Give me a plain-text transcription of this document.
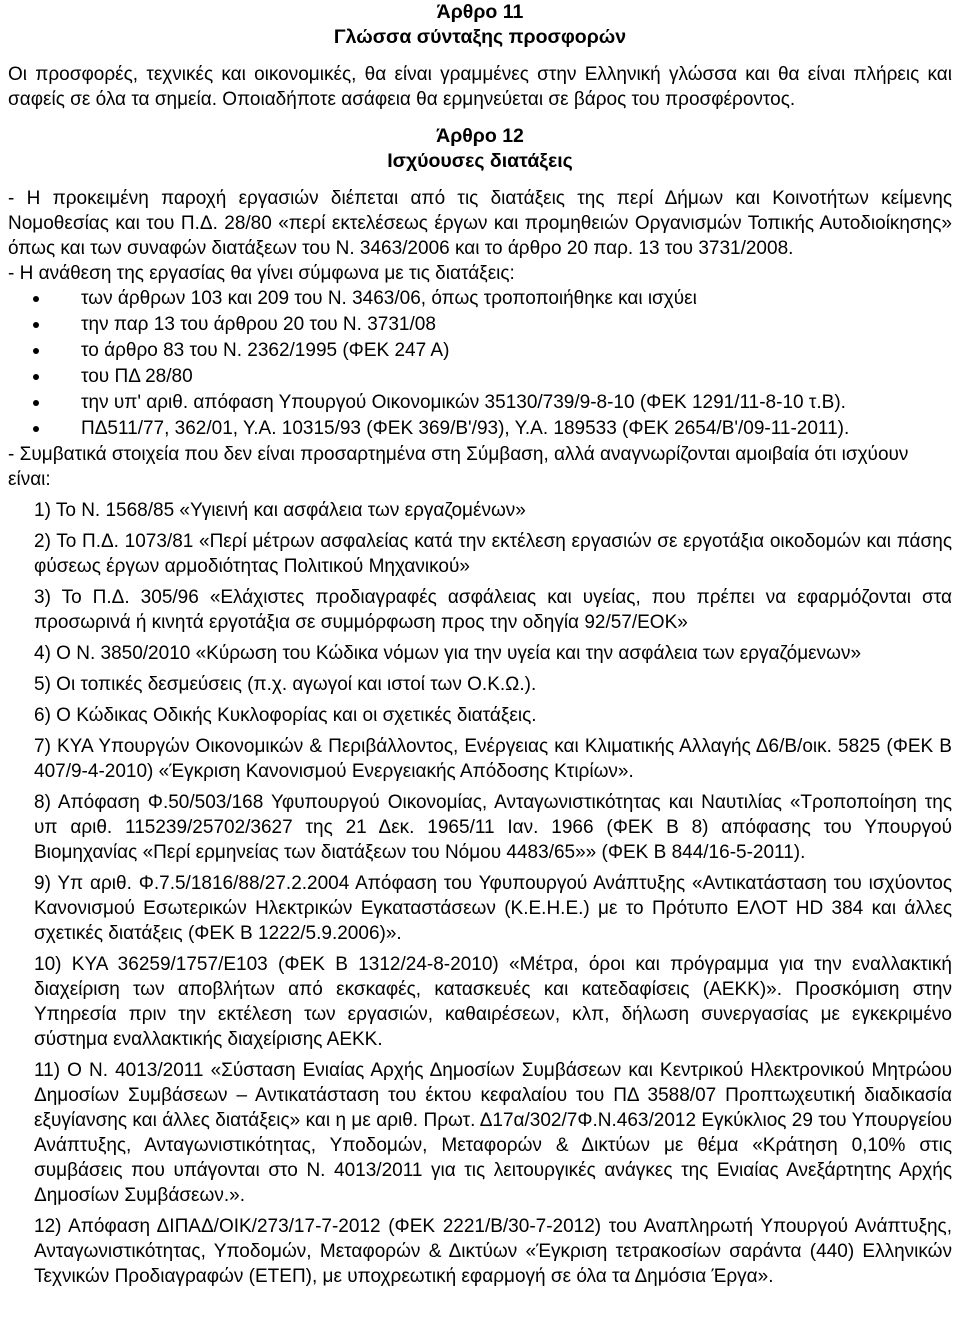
Άρθρο 11
Γλώσσα σύνταξης προσφορών

Οι προσφορές, τεχνικές και οικονομικές, θα είναι γραμμένες στην Ελληνική γλώσσα και θα είναι πλήρεις και σαφείς σε όλα τα σημεία. Οποιαδήποτε ασάφεια θα ερμηνεύεται σε βάρος του προσφέροντος.

Άρθρο 12
Ισχύουσες διατάξεις

- Η προκειμένη παροχή εργασιών διέπεται από τις διατάξεις της περί Δήμων και Κοινοτήτων κείμενης Νομοθεσίας και του Π.Δ. 28/80 «περί εκτελέσεως έργων και προμηθειών Οργανισμών Τοπικής Αυτοδιοίκησης» όπως και των συναφών διατάξεων του Ν. 3463/2006 και το άρθρο 20 παρ. 13 του 3731/2008.

- Η ανάθεση της εργασίας θα γίνει σύμφωνα με τις διατάξεις:

των άρθρων 103 και 209 του Ν. 3463/06, όπως τροποποιήθηκε και ισχύει
την παρ 13 του άρθρου 20 του Ν. 3731/08
το άρθρο 83 του Ν. 2362/1995 (ΦΕΚ 247 Α)
του ΠΔ 28/80
την υπ' αριθ. απόφαση Υπουργού Οικονομικών 35130/739/9-8-10 (ΦΕΚ 1291/11-8-10 τ.Β).
ΠΔ511/77, 362/01, Υ.Α. 10315/93 (ΦΕΚ 369/Β'/93), Υ.Α. 189533 (ΦΕΚ 2654/Β'/09-11-2011).

- Συμβατικά στοιχεία που δεν είναι προσαρτημένα στη Σύμβαση, αλλά αναγνωρίζονται αμοιβαία ότι ισχύουν είναι:

1) Το Ν. 1568/85 «Υγιεινή και ασφάλεια των εργαζομένων»

2) Το Π.Δ. 1073/81 «Περί μέτρων ασφαλείας κατά την εκτέλεση εργασιών σε εργοτάξια οικοδομών και πάσης φύσεως έργων αρμοδιότητας Πολιτικού Μηχανικού»

3) Το Π.Δ. 305/96 «Ελάχιστες προδιαγραφές ασφάλειας και υγείας, που πρέπει να εφαρμόζονται στα προσωρινά ή κινητά εργοτάξια σε συμμόρφωση προς την οδηγία 92/57/ΕΟΚ»

4) Ο Ν. 3850/2010 «Κύρωση του Κώδικα νόμων για την υγεία και την ασφάλεια των εργαζόμενων»

5) Οι τοπικές δεσμεύσεις (π.χ. αγωγοί και ιστοί των Ο.Κ.Ω.).

6) Ο Κώδικας Οδικής Κυκλοφορίας και οι σχετικές διατάξεις.

7) ΚΥΑ Υπουργών Οικονομικών & Περιβάλλοντος, Ενέργειας και Κλιματικής Αλλαγής Δ6/Β/οικ. 5825 (ΦΕΚ Β 407/9-4-2010) «Έγκριση Κανονισμού Ενεργειακής Απόδοσης Κτιρίων».

8) Απόφαση Φ.50/503/168 Υφυπουργού Οικονομίας, Ανταγωνιστικότητας και Ναυτιλίας «Τροποποίηση της υπ αριθ. 115239/25702/3627 της 21 Δεκ. 1965/11 Ιαν. 1966 (ΦΕΚ Β 8) απόφασης του Υπουργού Βιομηχανίας «Περί ερμηνείας των διατάξεων του Νόμου 4483/65»» (ΦΕΚ Β 844/16-5-2011).

9) Υπ αριθ. Φ.7.5/1816/88/27.2.2004 Απόφαση του Υφυπουργού Ανάπτυξης «Αντικατάσταση του ισχύοντος Κανονισμού Εσωτερικών Ηλεκτρικών Εγκαταστάσεων (Κ.Ε.Η.Ε.) με το Πρότυπο ΕΛΟΤ HD 384 και άλλες σχετικές διατάξεις (ΦΕΚ Β 1222/5.9.2006)».

10) ΚΥΑ 36259/1757/Ε103 (ΦΕΚ Β 1312/24-8-2010) «Μέτρα, όροι και πρόγραμμα για την εναλλακτική διαχείριση των αποβλήτων από εκσκαφές, κατασκευές και κατεδαφίσεις (ΑΕΚΚ)». Προσκόμιση στην Υπηρεσία πριν την εκτέλεση των εργασιών, καθαιρέσεων, κλπ, δήλωση συνεργασίας με εγκεκριμένο σύστημα εναλλακτικής διαχείρισης ΑΕΚΚ.

11) Ο Ν. 4013/2011 «Σύσταση Ενιαίας Αρχής Δημοσίων Συμβάσεων και Κεντρικού Ηλεκτρονικού Μητρώου Δημοσίων Συμβάσεων – Αντικατάσταση του έκτου κεφαλαίου του ΠΔ 3588/07 Προπτωχευτική διαδικασία εξυγίανσης και άλλες διατάξεις» και η με αριθ. Πρωτ. Δ17α/302/7Φ.Ν.463/2012 Εγκύκλιος 29 του Υπουργείου Ανάπτυξης, Ανταγωνιστικότητας, Υποδομών, Μεταφορών & Δικτύων με θέμα «Κράτηση 0,10% στις συμβάσεις που υπάγονται στο Ν. 4013/2011 για τις λειτουργικές ανάγκες της Ενιαίας Ανεξάρτητης Αρχής Δημοσίων Συμβάσεων.».

12) Απόφαση ΔΙΠΑΔ/ΟΙΚ/273/17-7-2012 (ΦΕΚ 2221/Β/30-7-2012) του Αναπληρωτή Υπουργού Ανάπτυξης, Ανταγωνιστικότητας, Υποδομών, Μεταφορών & Δικτύων «Έγκριση τετρακοσίων σαράντα (440) Ελληνικών Τεχνικών Προδιαγραφών (ΕΤΕΠ), με υποχρεωτική εφαρμογή σε όλα τα Δημόσια Έργα».
